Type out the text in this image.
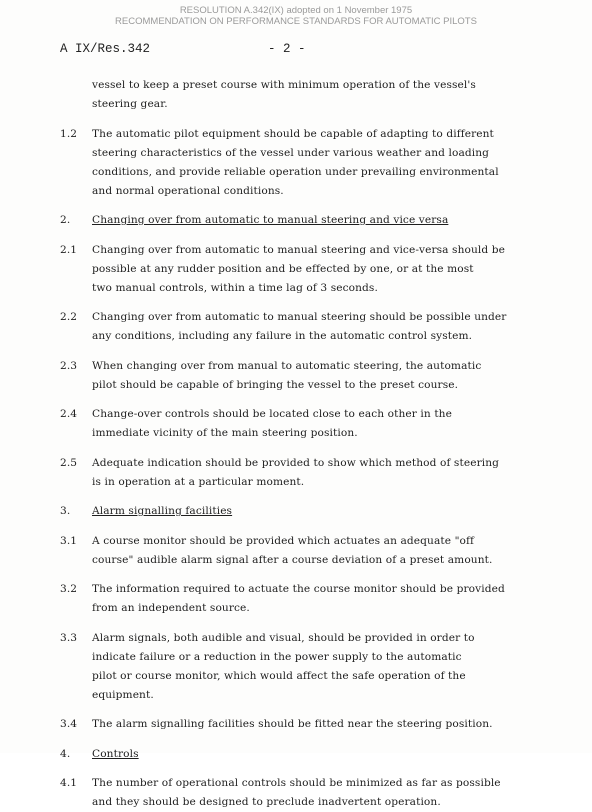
RESOLUTION A.342(IX) adopted on 1 November 1975
RECOMMENDATION ON PERFORMANCE STANDARDS FOR AUTOMATIC PILOTS
A IX/Res.342	- 2 -
vessel to keep a preset course with minimum operation of the vessel's
steering gear.
1.2	The automatic pilot equipment should be capable of adapting to different
steering characteristics of the vessel under various weather and loading
conditions, and provide reliable operation under prevailing environmental
and normal operational conditions.
2.	Changing over from automatic to manual steering and vice versa
2.1	Changing over from automatic to manual steering and vice-versa should be
possible at any rudder position and be effected by one, or at the most
two manual controls, within a time lag of 3 seconds.
2.2	Changing over from automatic to manual steering should be possible under
any conditions, including any failure in the automatic control system.
2.3	When changing over from manual to automatic steering, the automatic
pilot should be capable of bringing the vessel to the preset course.
2.4	Change-over controls should be located close to each other in the
immediate vicinity of the main steering position.
2.5	Adequate indication should be provided to show which method of steering
is in operation at a particular moment.
3.	Alarm signalling facilities
3.1	A course monitor should be provided which actuates an adequate "off
course" audible alarm signal after a course deviation of a preset amount.
3.2	The information required to actuate the course monitor should be provided
from an independent source.
3.3	Alarm signals, both audible and visual, should be provided in order to
indicate failure or a reduction in the power supply to the automatic
pilot or course monitor, which would affect the safe operation of the
equipment.
3.4	The alarm signalling facilities should be fitted near the steering position.
4.	Controls
4.1	The number of operational controls should be minimized as far as possible
and they should be designed to preclude inadvertent operation.
